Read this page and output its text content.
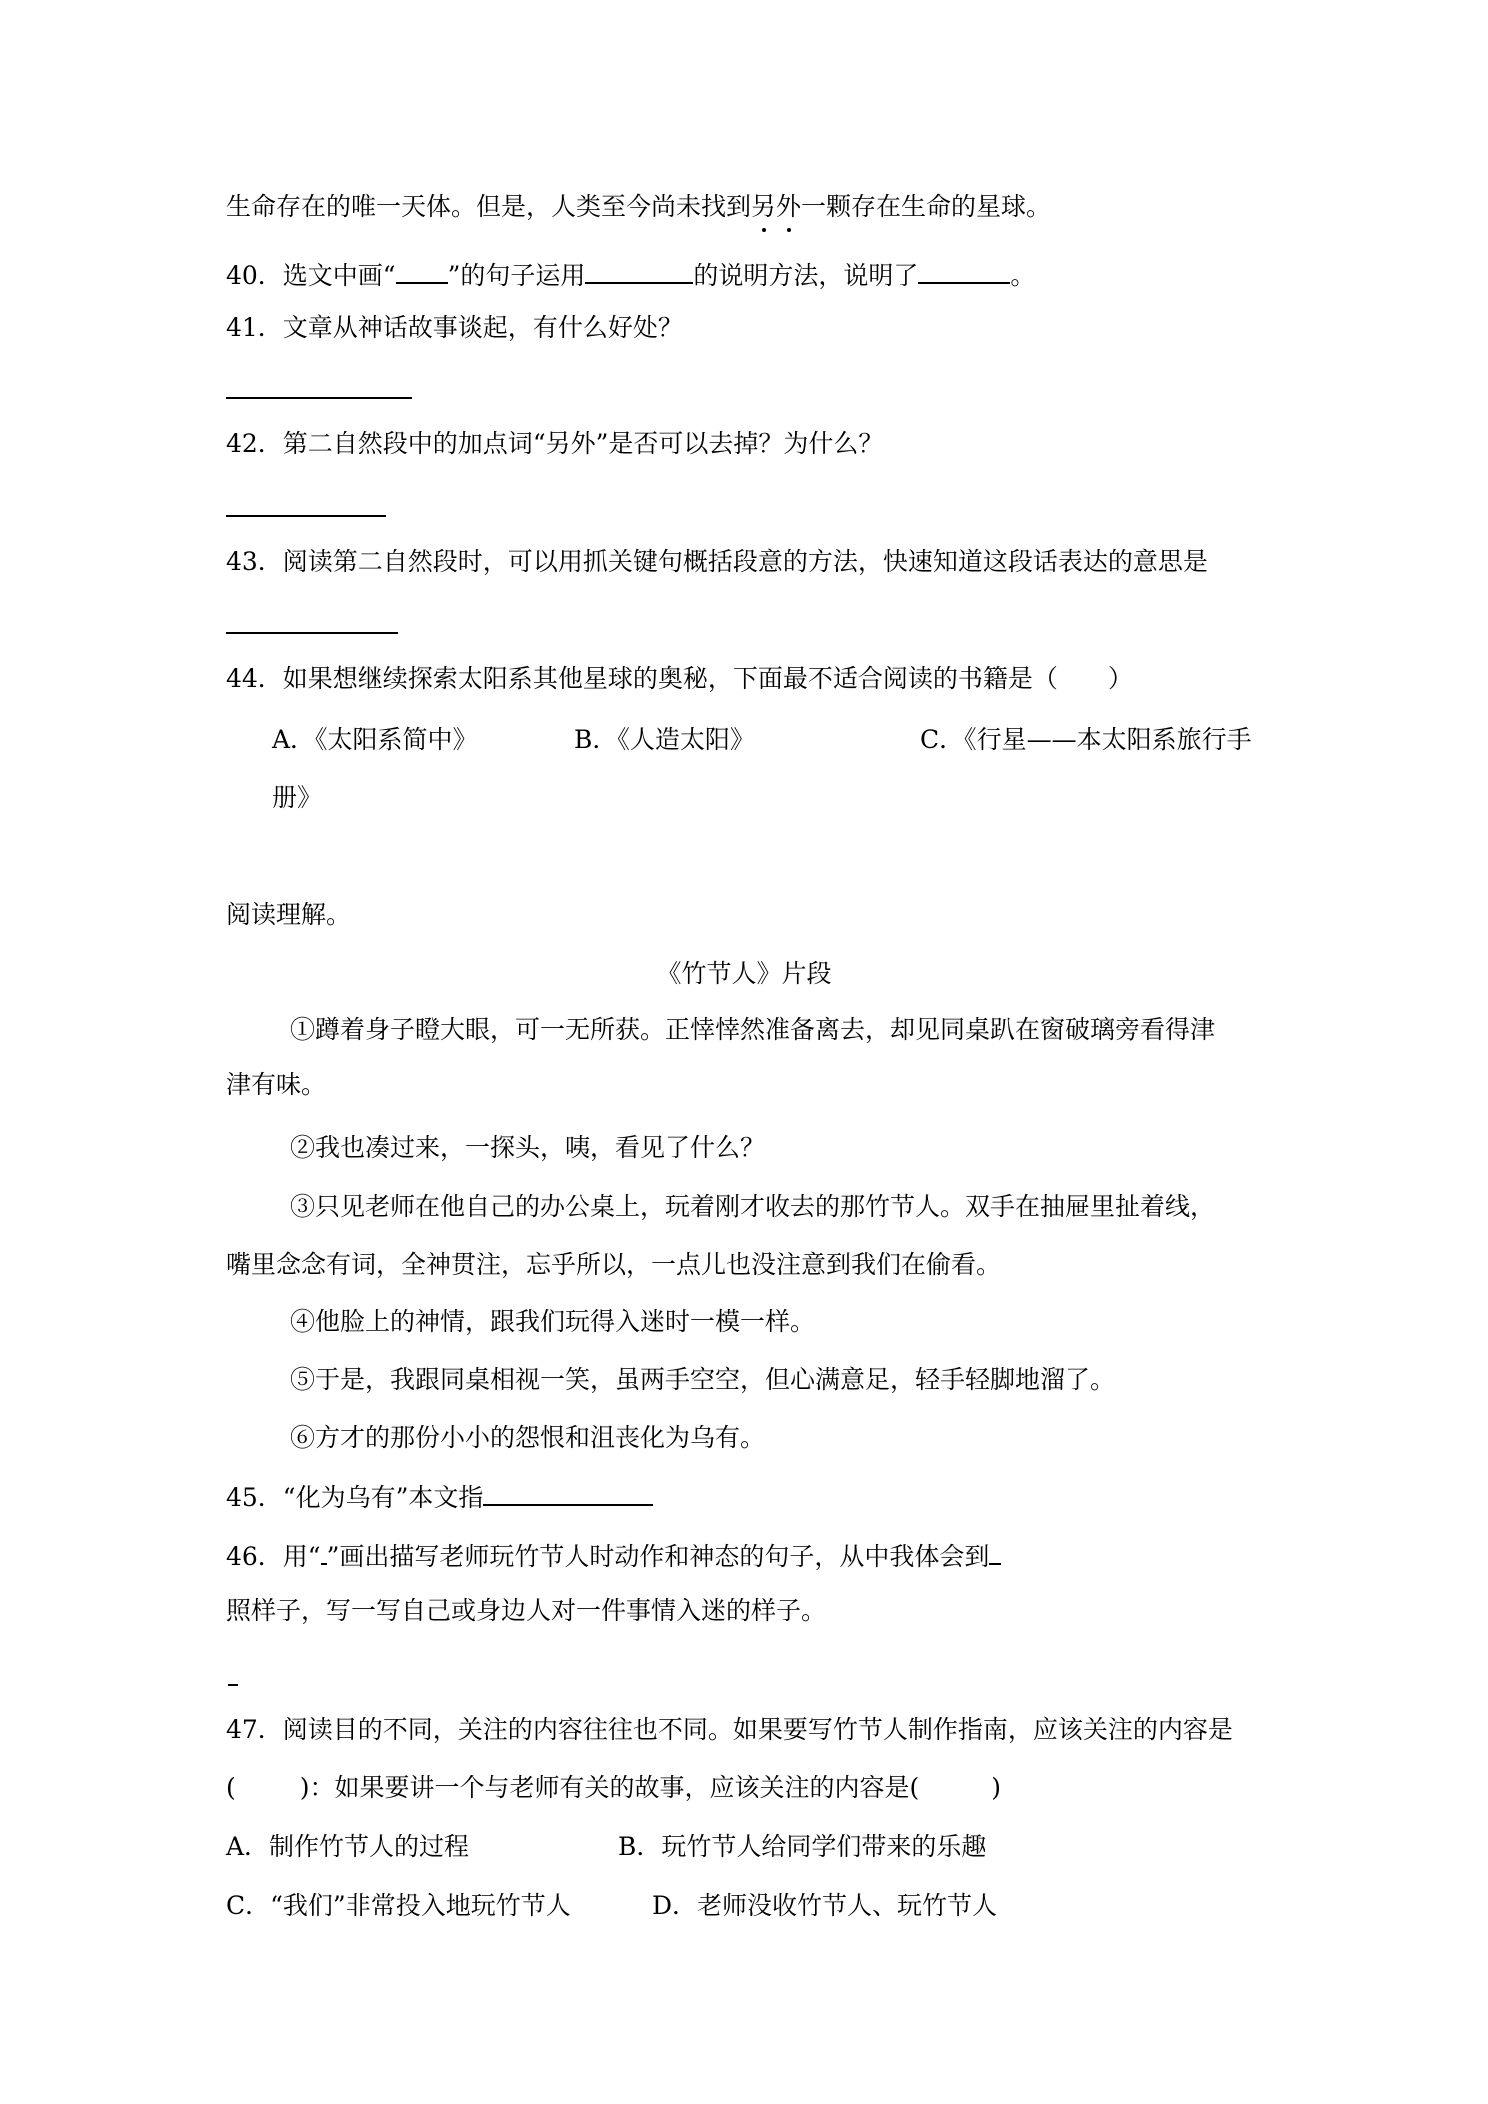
生命存在的唯一天体。但是，人类至今尚未找到另外一颗存在生命的星球。
40．选文中画“ ”的句子运用	的说明方法，说明了	。
41．文章从神话故事谈起，有什么好处？
42．第二自然段中的加点词“另外”是否可以去掉？为什么？
43．阅读第二自然段时，可以用抓关键句概括段意的方法，快速知道这段话表达的意思是
44．如果想继续探索太阳系其他星球的奥秘，下面最不适合阅读的书籍是（　　）
A．《太阳系简中》	B．《人造太阳》	C．《行星——本太阳系旅行手
册》
阅读理解。
《竹节人》片段
①蹲着身子瞪大眼，可一无所获。正悻悻然准备离去，却见同桌趴在窗破璃旁看得津
津有味。
②我也凑过来，一探头，咦，看见了什么？
③只见老师在他自己的办公桌上，玩着刚才收去的那竹节人。双手在抽屉里扯着线，
嘴里念念有词，全神贯注，忘乎所以，一点儿也没注意到我们在偷看。
④他脸上的神情，跟我们玩得入迷时一模一样。
⑤于是，我跟同桌相视一笑，虽两手空空，但心满意足，轻手轻脚地溜了。
⑥方才的那份小小的怨恨和沮丧化为乌有。
45．“化为乌有”本文指
46．用“ ”画出描写老师玩竹节人时动作和神态的句子，从中我体会到
照样子，写一写自己或身边人对一件事情入迷的样子。
47．阅读目的不同，关注的内容往往也不同。如果要写竹节人制作指南，应该关注的内容是
(	)：如果要讲一个与老师有关的故事，应该关注的内容是(	)
A．制作竹节人的过程	B．玩竹节人给同学们带来的乐趣
C．“我们”非常投入地玩竹节人	D．老师没收竹节人、玩竹节人
